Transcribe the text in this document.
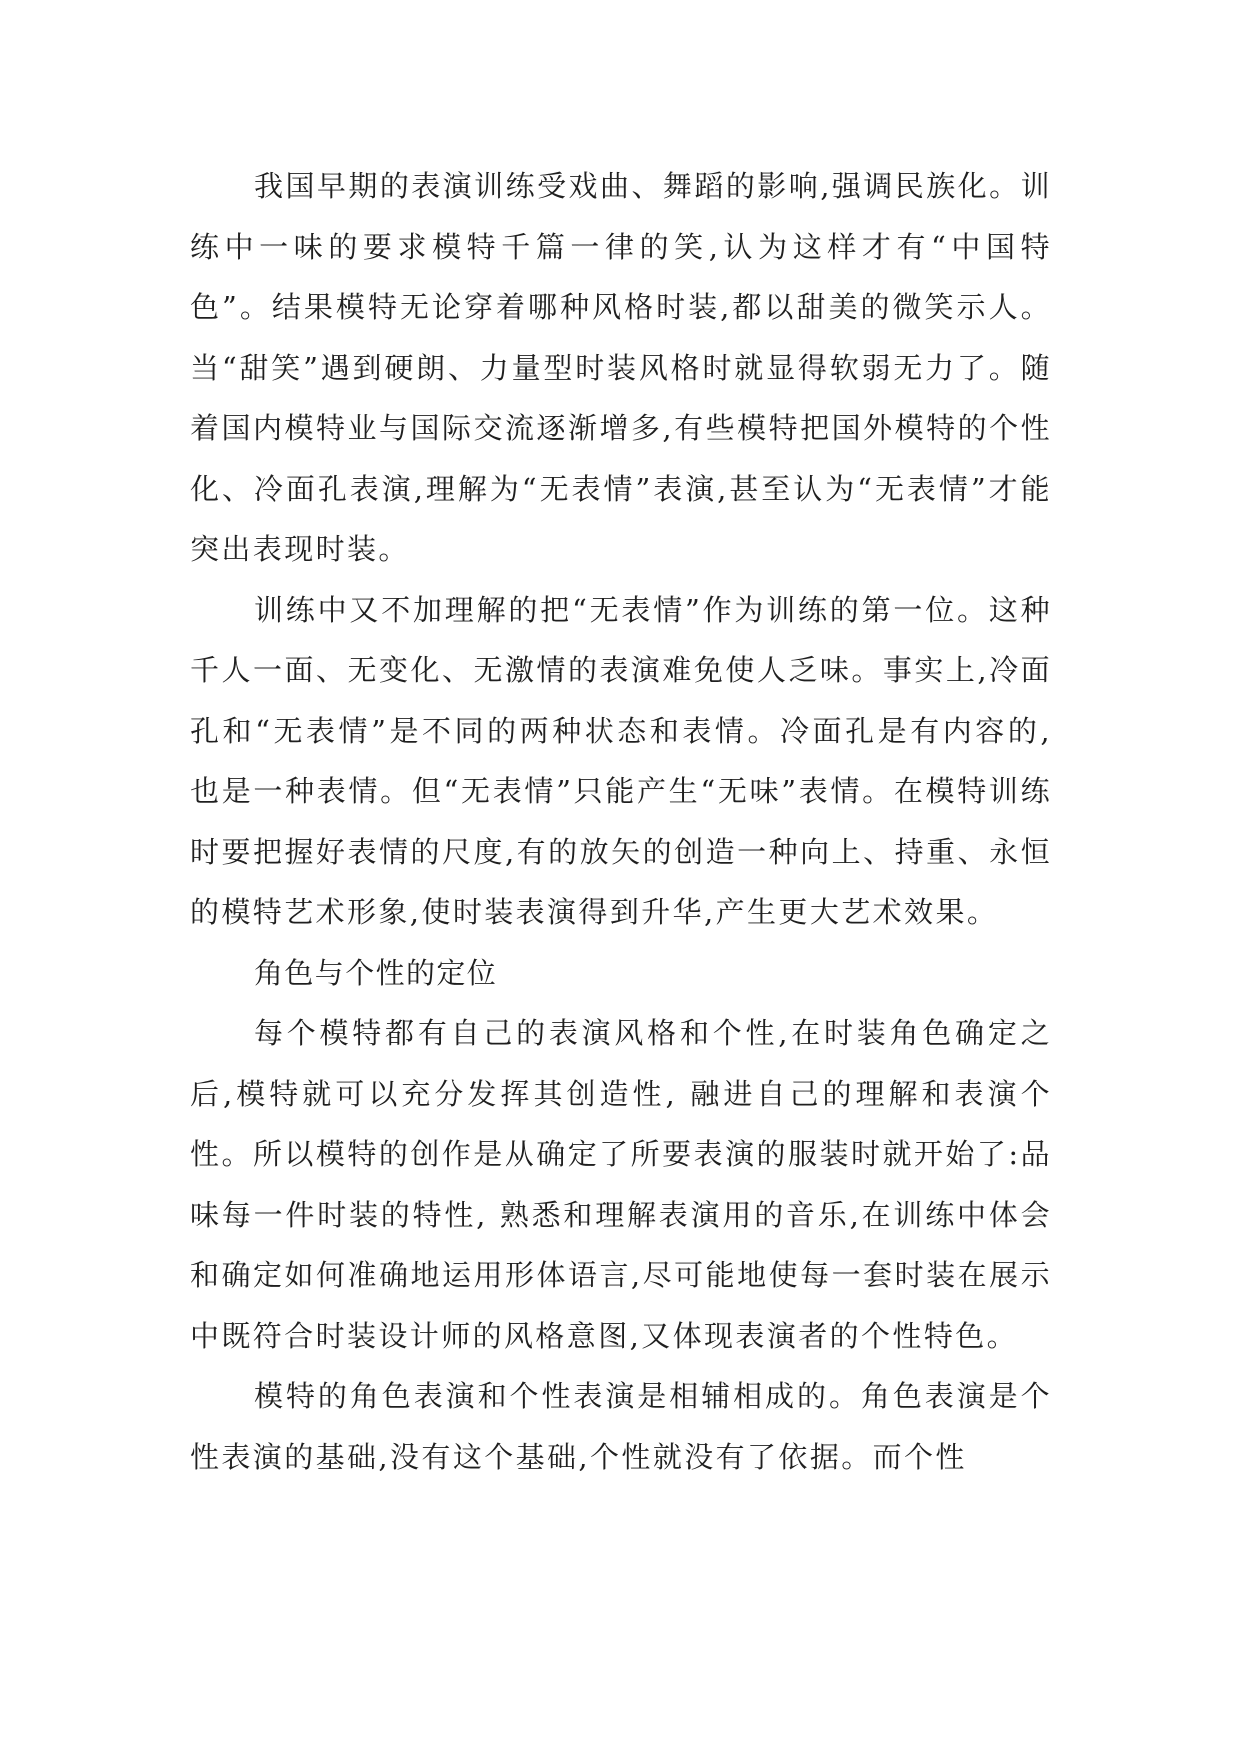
我国早期的表演训练受戏曲、舞蹈的影响,强调民族化。训练中一味的要求模特千篇一律的笑,认为这样才有“中国特色”。结果模特无论穿着哪种风格时装,都以甜美的微笑示人。当“甜笑”遇到硬朗、力量型时装风格时就显得软弱无力了。随着国内模特业与国际交流逐渐增多,有些模特把国外模特的个性化、冷面孔表演,理解为“无表情”表演,甚至认为“无表情”才能突出表现时装。

训练中又不加理解的把“无表情”作为训练的第一位。这种千人一面、无变化、无激情的表演难免使人乏味。事实上,冷面孔和“无表情”是不同的两种状态和表情。冷面孔是有内容的,也是一种表情。但“无表情”只能产生“无味”表情。在模特训练时要把握好表情的尺度,有的放矢的创造一种向上、持重、永恒的模特艺术形象,使时装表演得到升华,产生更大艺术效果。

角色与个性的定位

每个模特都有自己的表演风格和个性,在时装角色确定之后,模特就可以充分发挥其创造性, 融进自己的理解和表演个性。所以模特的创作是从确定了所要表演的服装时就开始了:品味每一件时装的特性, 熟悉和理解表演用的音乐,在训练中体会和确定如何准确地运用形体语言,尽可能地使每一套时装在展示中既符合时装设计师的风格意图,又体现表演者的个性特色。

模特的角色表演和个性表演是相辅相成的。角色表演是个性表演的基础,没有这个基础,个性就没有了依据。而个性
